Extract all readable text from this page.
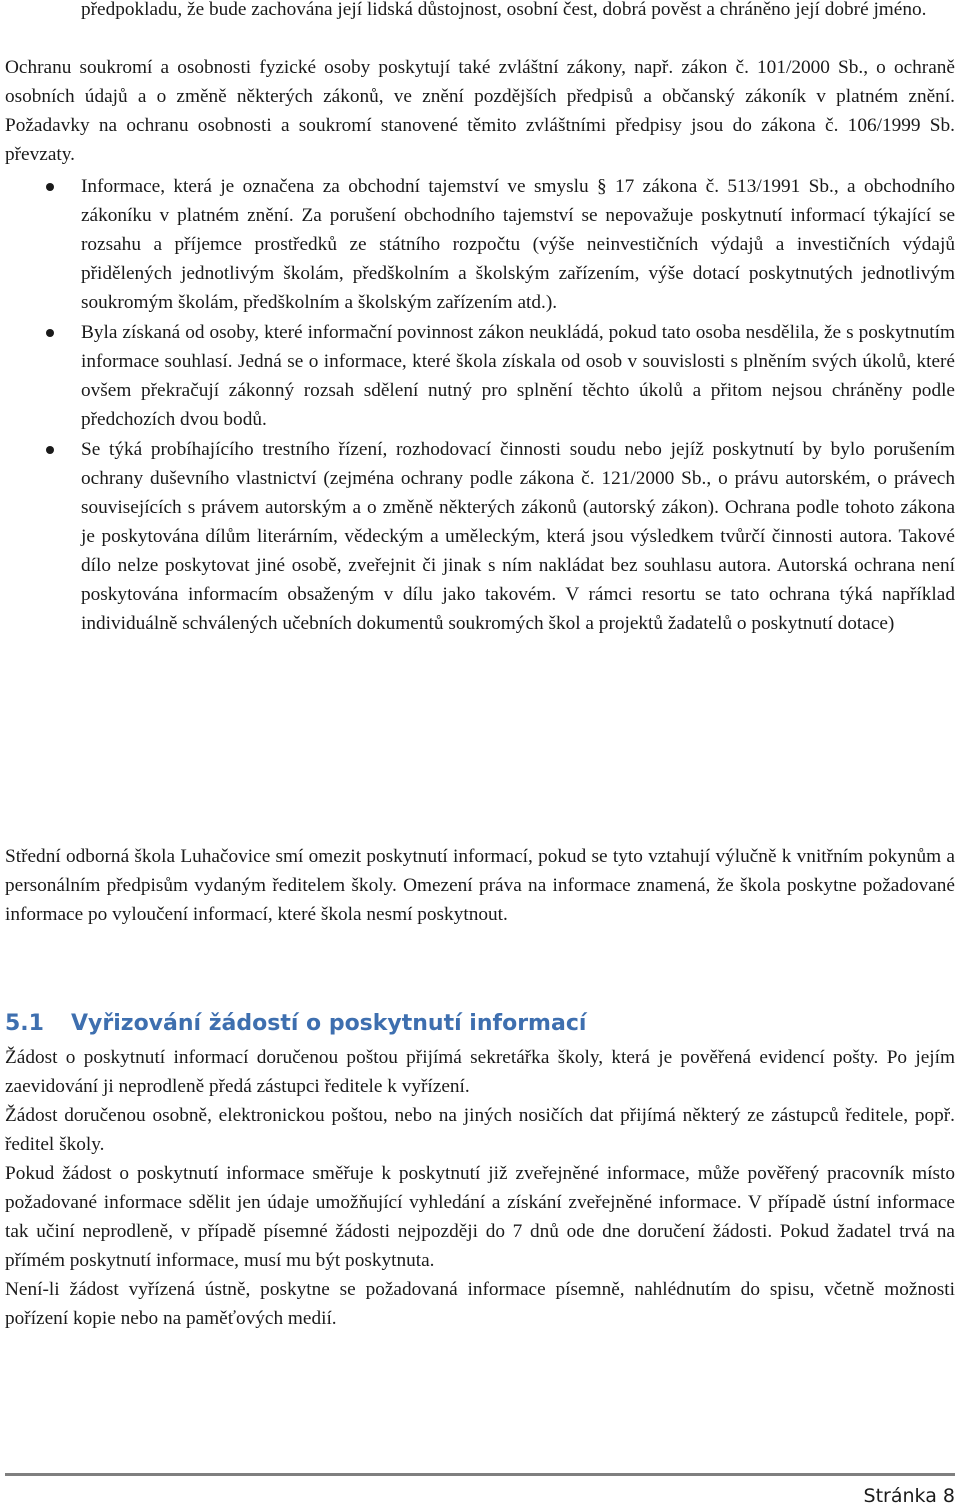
předpokladu, že bude zachována její lidská důstojnost, osobní čest, dobrá pověst a chráněno její dobré jméno.

Ochranu soukromí a osobnosti fyzické osoby poskytují také zvláštní zákony, např. zákon č. 101/2000 Sb., o ochraně osobních údajů a o změně některých zákonů, ve znění pozdějších předpisů a občanský zákoník v platném znění. Požadavky na ochranu osobnosti a soukromí stanovené těmito zvláštními předpisy jsou do zákona č. 106/1999 Sb. převzaty.

Informace, která je označena za obchodní tajemství ve smyslu § 17 zákona č. 513/1991 Sb., a obchodního zákoníku v platném znění. Za porušení obchodního tajemství se nepovažuje poskytnutí informací týkající se rozsahu a příjemce prostředků ze státního rozpočtu (výše neinvestičních výdajů a investičních výdajů přidělených jednotlivým školám, předškolním a školským zařízením, výše dotací poskytnutých jednotlivým soukromým školám, předškolním a školským zařízením atd.).

Byla získaná od osoby, které informační povinnost zákon neukládá, pokud tato osoba nesdělila, že s poskytnutím informace souhlasí. Jedná se o informace, které škola získala od osob v souvislosti s plněním svých úkolů, které ovšem překračují zákonný rozsah sdělení nutný pro splnění těchto úkolů a přitom nejsou chráněny podle předchozích dvou bodů.

Se týká probíhajícího trestního řízení, rozhodovací činnosti soudu nebo jejíž poskytnutí by bylo porušením ochrany duševního vlastnictví (zejména ochrany podle zákona č. 121/2000 Sb., o právu autorském, o právech souvisejících s právem autorským a o změně některých zákonů (autorský zákon). Ochrana podle tohoto zákona je poskytována dílům literárním, vědeckým a uměleckým, která jsou výsledkem tvůrčí činnosti autora. Takové dílo nelze poskytovat jiné osobě, zveřejnit či jinak s ním nakládat bez souhlasu autora. Autorská ochrana není poskytována informacím obsaženým v dílu jako takovém. V rámci resortu se tato ochrana týká například individuálně schválených učebních dokumentů soukromých škol a projektů žadatelů o poskytnutí dotace)

Střední odborná škola Luhačovice smí omezit poskytnutí informací, pokud se tyto vztahují výlučně k vnitřním pokynům a personálním předpisům vydaným ředitelem školy. Omezení práva na informace znamená, že škola poskytne požadované informace po vyloučení informací, které škola nesmí poskytnout.

5.1 Vyřizování žádostí o poskytnutí informací

Žádost o poskytnutí informací doručenou poštou přijímá sekretářka školy, která je pověřená evidencí pošty. Po jejím zaevidování ji neprodleně předá zástupci ředitele k vyřízení.

Žádost doručenou osobně, elektronickou poštou, nebo na jiných nosičích dat přijímá některý ze zástupců ředitele, popř. ředitel školy.

Pokud žádost o poskytnutí informace směřuje k poskytnutí již zveřejněné informace, může pověřený pracovník místo požadované informace sdělit jen údaje umožňující vyhledání a získání zveřejněné informace. V případě ústní informace tak učiní neprodleně, v případě písemné žádosti nejpozději do 7 dnů ode dne doručení žádosti. Pokud žadatel trvá na přímém poskytnutí informace, musí mu být poskytnuta.

Není-li žádost vyřízená ústně, poskytne se požadovaná informace písemně, nahlédnutím do spisu, včetně možnosti pořízení kopie nebo na paměťových medií.

Stránka 8
